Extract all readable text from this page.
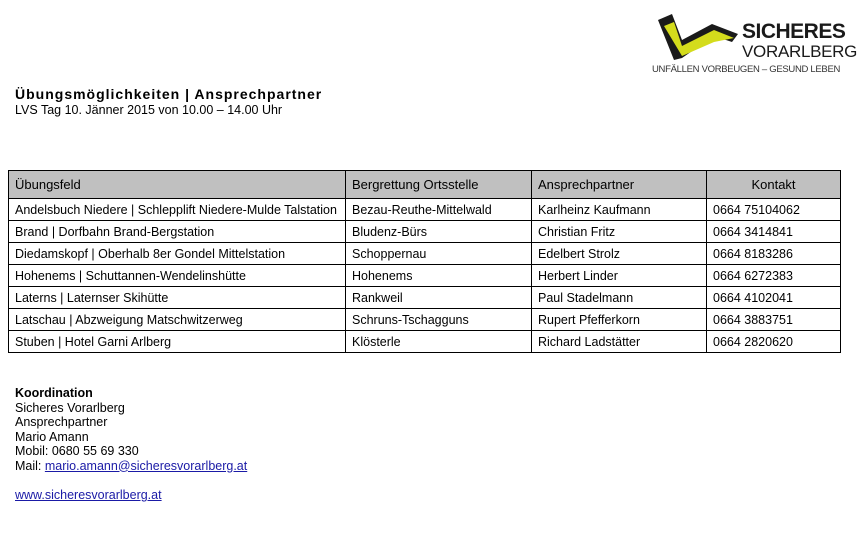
SICHERES
VORARLBERG
UNFÄLLEN VORBEUGEN – GESUND LEBEN
Übungsmöglichkeiten | Ansprechpartner
LVS Tag 10. Jänner 2015 von 10.00 – 14.00 Uhr
Übungsfeld	Bergrettung Ortsstelle	Ansprechpartner	Kontakt
Andelsbuch Niedere | Schlepplift Niedere-Mulde Talstation	Bezau-Reuthe-Mittelwald	Karlheinz Kaufmann	0664 75104062
Brand | Dorfbahn Brand-Bergstation	Bludenz-Bürs	Christian Fritz	0664 3414841
Diedamskopf | Oberhalb 8er Gondel Mittelstation	Schoppernau	Edelbert Strolz	0664 8183286
Hohenems | Schuttannen-Wendelinshütte	Hohenems	Herbert Linder	0664 6272383
Laterns | Laternser Skihütte	Rankweil	Paul Stadelmann	0664 4102041
Latschau | Abzweigung Matschwitzerweg	Schruns-Tschagguns	Rupert Pfefferkorn	0664 3883751
Stuben | Hotel Garni Arlberg	Klösterle	Richard Ladstätter	0664 2820620
Koordination
Sicheres Vorarlberg
Ansprechpartner
Mario Amann
Mobil: 0680 55 69 330
Mail: mario.amann@sicheresvorarlberg.at
www.sicheresvorarlberg.at
